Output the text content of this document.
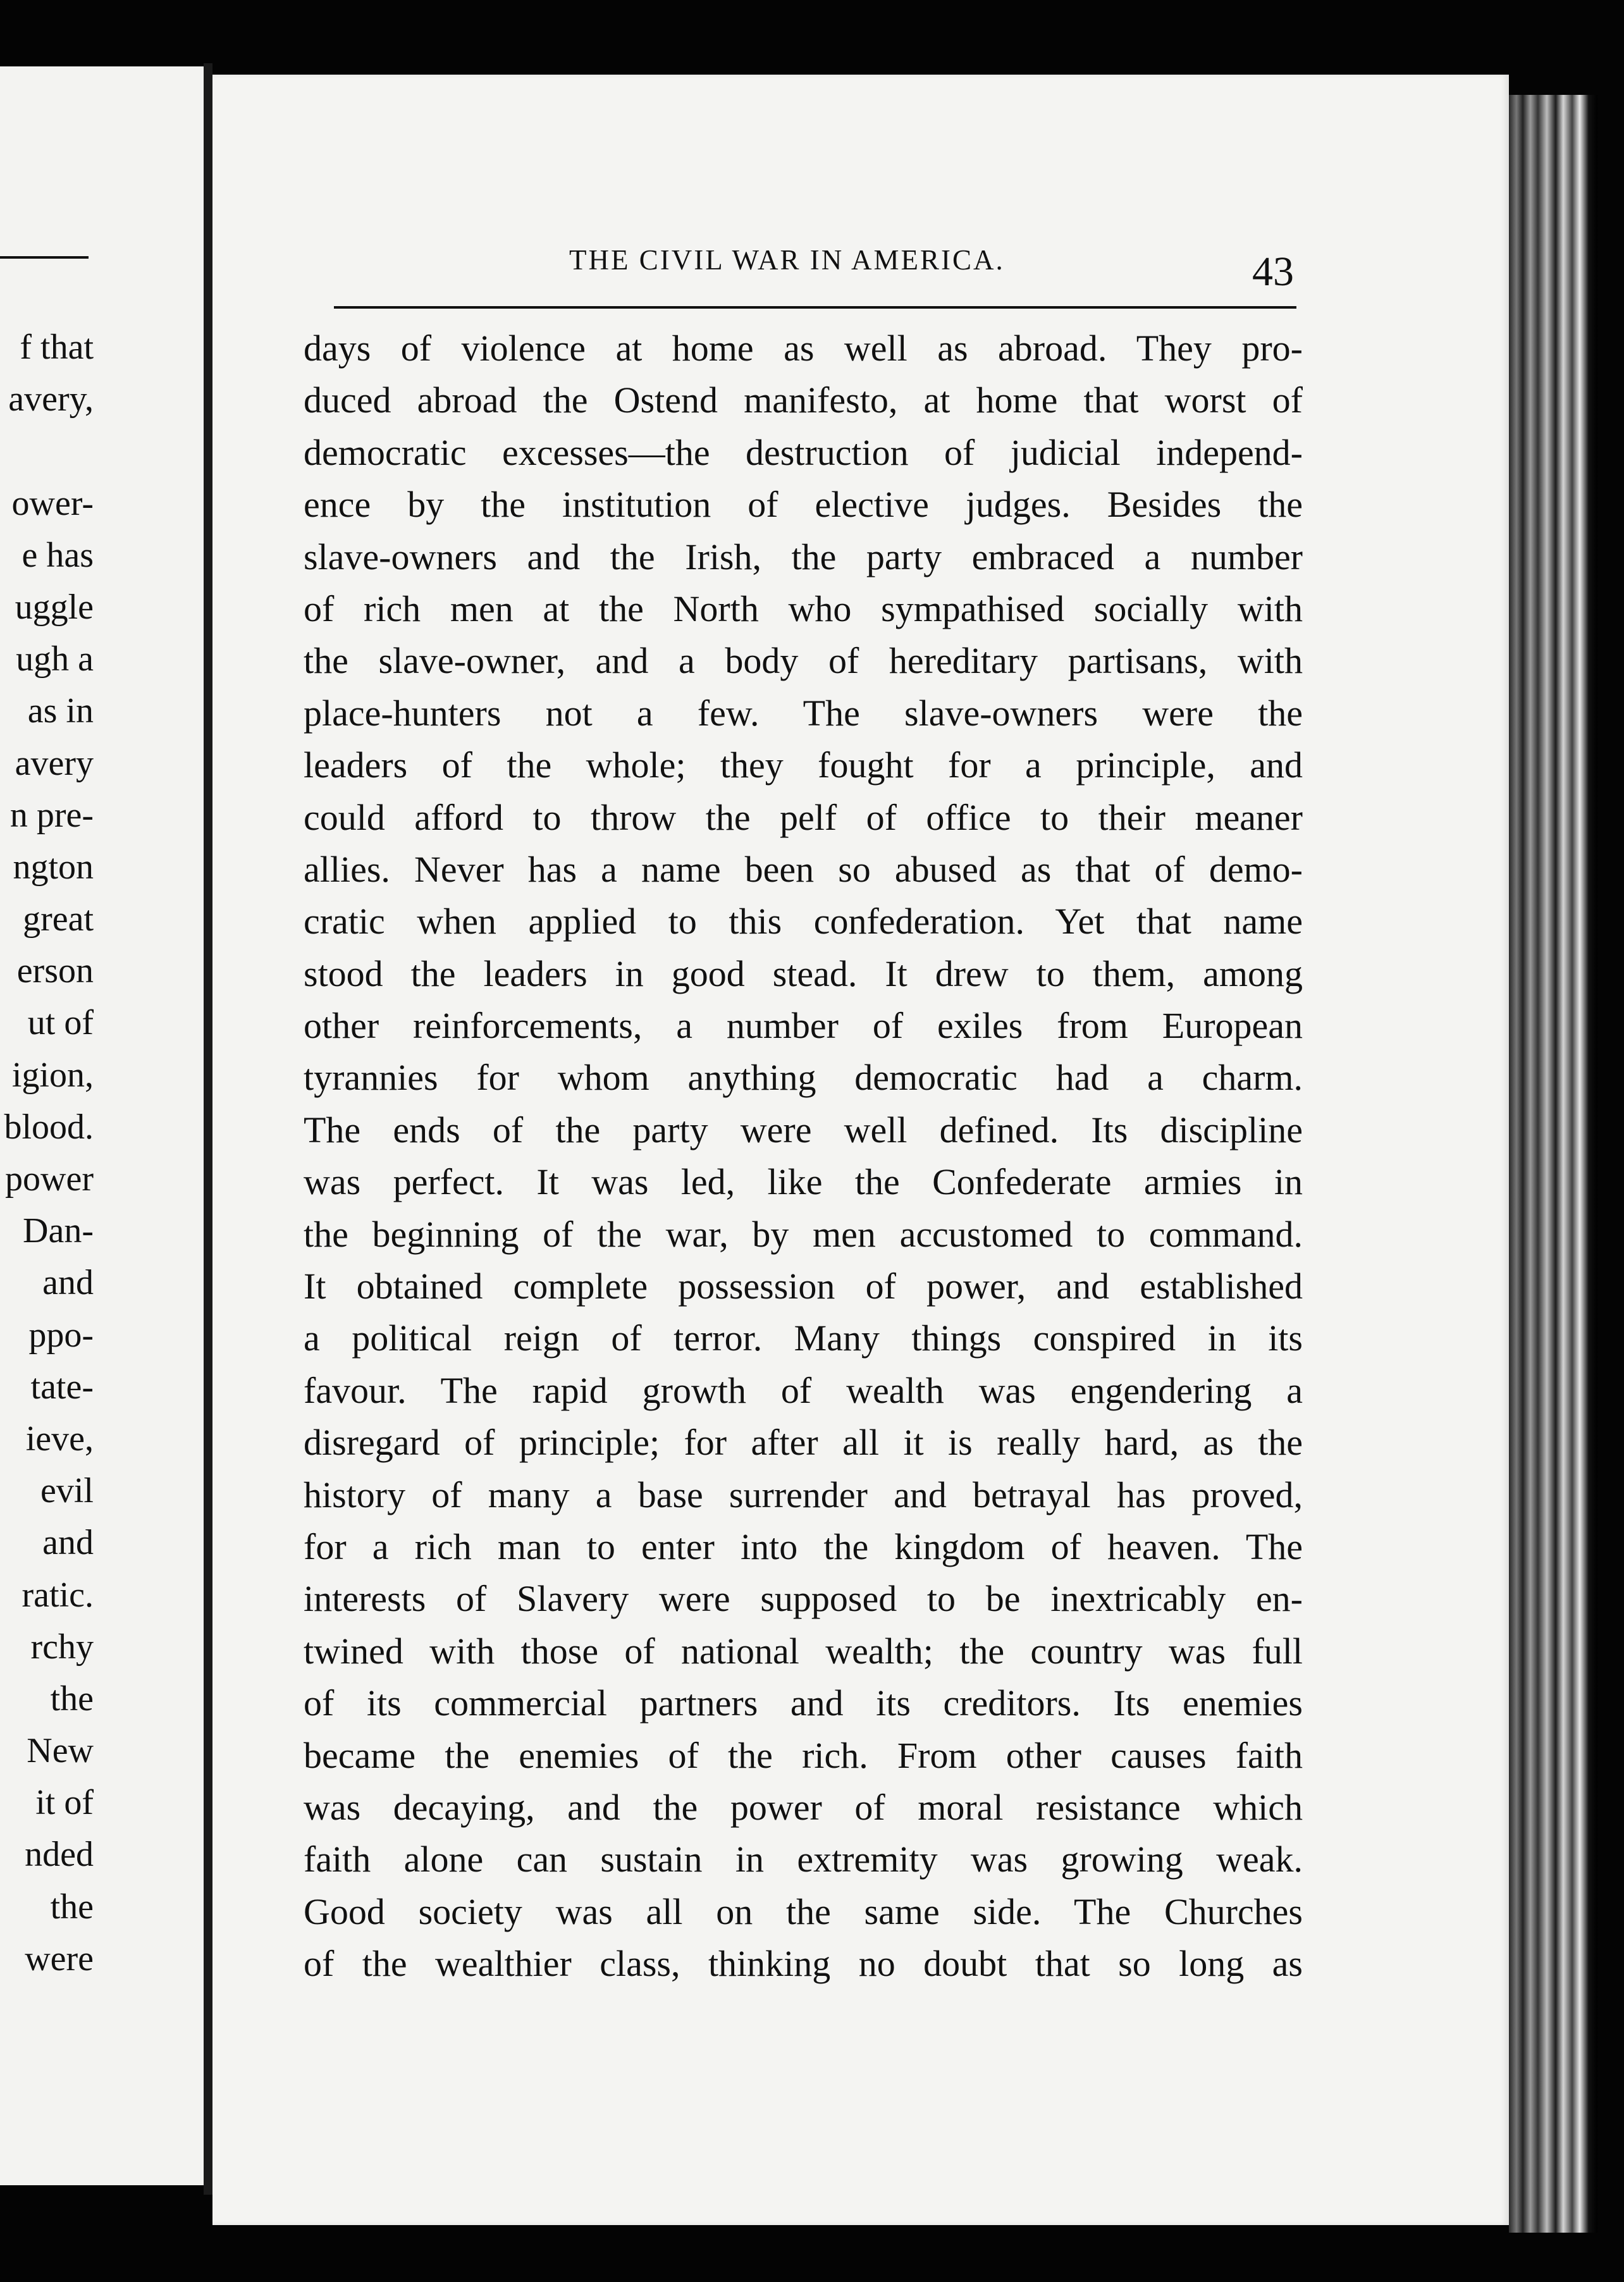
f that
avery,
ower-
e has
uggle
ugh a
as in
avery
n pre-
ngton
great
erson
ut of
igion,
blood.
power
Dan-
and
ppo-
tate-
ieve,
evil
and
ratic.
rchy
the
New
it of
nded
the
were
THE CIVIL WAR IN AMERICA.	43
days of violence at home as well as abroad. They pro-
duced abroad the Ostend manifesto, at home that worst of
democratic excesses—the destruction of judicial independ-
ence by the institution of elective judges. Besides the
slave-owners and the Irish, the party embraced a number
of rich men at the North who sympathised socially with
the slave-owner, and a body of hereditary partisans, with
place-hunters not a few. The slave-owners were the
leaders of the whole; they fought for a principle, and
could afford to throw the pelf of office to their meaner
allies. Never has a name been so abused as that of demo-
cratic when applied to this confederation. Yet that name
stood the leaders in good stead. It drew to them, among
other reinforcements, a number of exiles from European
tyrannies for whom anything democratic had a charm.
The ends of the party were well defined. Its discipline
was perfect. It was led, like the Confederate armies in
the beginning of the war, by men accustomed to command.
It obtained complete possession of power, and established
a political reign of terror. Many things conspired in its
favour. The rapid growth of wealth was engendering a
disregard of principle; for after all it is really hard, as the
history of many a base surrender and betrayal has proved,
for a rich man to enter into the kingdom of heaven. The
interests of Slavery were supposed to be inextricably en-
twined with those of national wealth; the country was full
of its commercial partners and its creditors. Its enemies
became the enemies of the rich. From other causes faith
was decaying, and the power of moral resistance which
faith alone can sustain in extremity was growing weak.
Good society was all on the same side. The Churches
of the wealthier class, thinking no doubt that so long as
